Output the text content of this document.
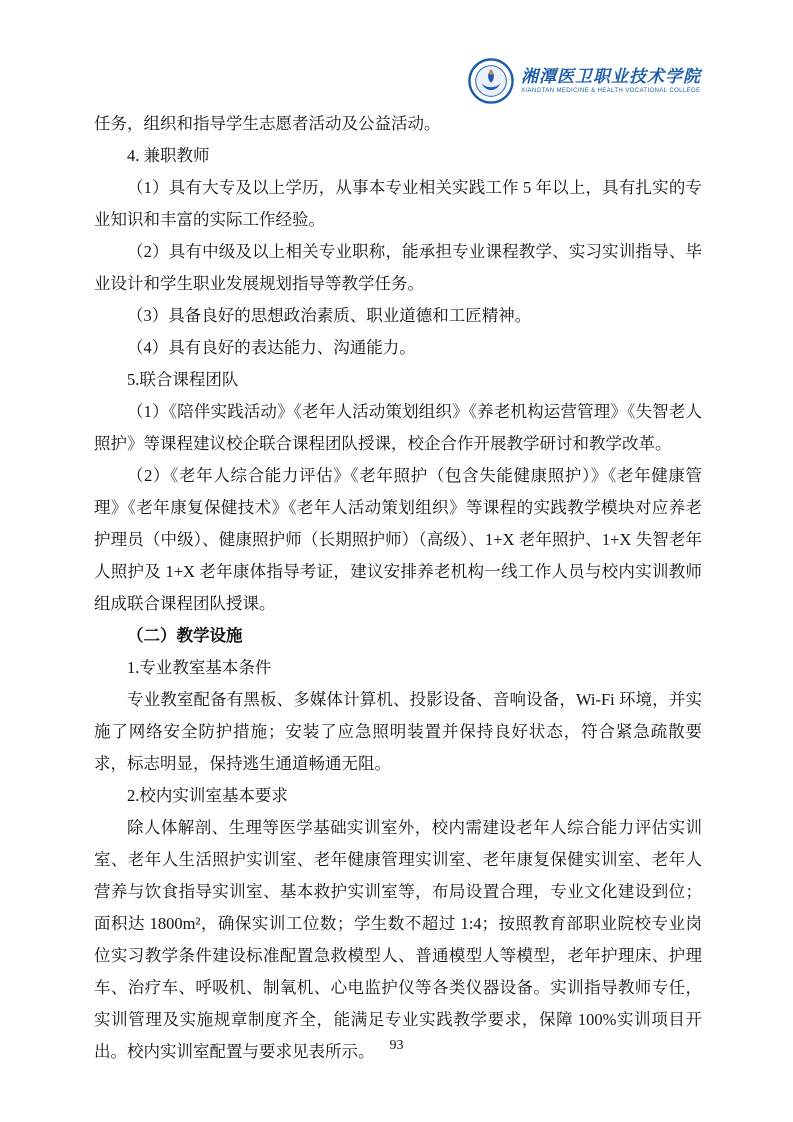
湘潭医卫职业技术学院
XIANGTAN MEDICINE & HEALTH VOCATIONAL COLLEGE

任务，组织和指导学生志愿者活动及公益活动。

4. 兼职教师

（1）具有大专及以上学历，从事本专业相关实践工作 5 年以上，具有扎实的专业知识和丰富的实际工作经验。

（2）具有中级及以上相关专业职称，能承担专业课程教学、实习实训指导、毕业设计和学生职业发展规划指导等教学任务。

（3）具备良好的思想政治素质、职业道德和工匠精神。

（4）具有良好的表达能力、沟通能力。

5.联合课程团队

（1）《陪伴实践活动》《老年人活动策划组织》《养老机构运营管理》《失智老人照护》等课程建议校企联合课程团队授课，校企合作开展教学研讨和教学改革。

（2）《老年人综合能力评估》《老年照护（包含失能健康照护）》《老年健康管理》《老年康复保健技术》《老年人活动策划组织》等课程的实践教学模块对应养老护理员（中级）、健康照护师（长期照护师）（高级）、1+X 老年照护、1+X 失智老年人照护及 1+X 老年康体指导考证，建议安排养老机构一线工作人员与校内实训教师组成联合课程团队授课。

（二）教学设施

1.专业教室基本条件

专业教室配备有黑板、多媒体计算机、投影设备、音响设备，Wi-Fi 环境，并实施了网络安全防护措施；安装了应急照明装置并保持良好状态，符合紧急疏散要求，标志明显，保持逃生通道畅通无阻。

2.校内实训室基本要求

除人体解剖、生理等医学基础实训室外，校内需建设老年人综合能力评估实训室、老年人生活照护实训室、老年健康管理实训室、老年康复保健实训室、老年人营养与饮食指导实训室、基本救护实训室等，布局设置合理，专业文化建设到位；面积达 1800m²，确保实训工位数；学生数不超过 1:4；按照教育部职业院校专业岗位实习教学条件建设标准配置急救模型人、普通模型人等模型，老年护理床、护理车、治疗车、呼吸机、制氧机、心电监护仪等各类仪器设备。实训指导教师专任，实训管理及实施规章制度齐全，能满足专业实践教学要求，保障 100%实训项目开出。校内实训室配置与要求见表所示。	93
